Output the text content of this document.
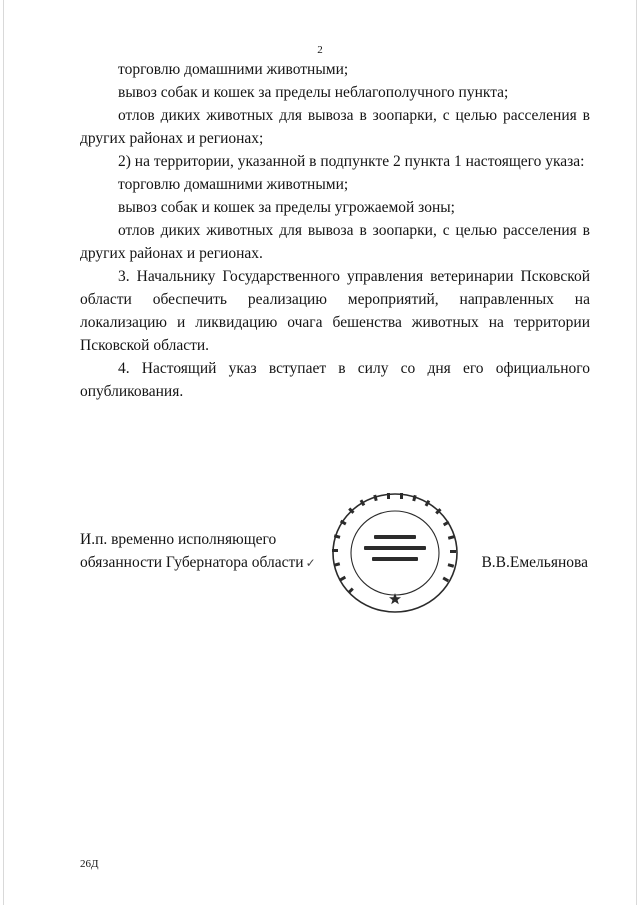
2

торговлю домашними животными;

вывоз собак и кошек за пределы неблагополучного пункта;

отлов диких животных для вывоза в зоопарки, с целью расселения в других районах и регионах;

2) на территории, указанной в подпункте 2 пункта 1 настоящего указа:

торговлю домашними животными;

вывоз собак и кошек за пределы угрожаемой зоны;

отлов диких животных для вывоза в зоопарки, с целью расселения в других районах и регионах.

3. Начальнику Государственного управления ветеринарии Псковской области обеспечить реализацию мероприятий, направленных на локализацию и ликвидацию очага бешенства животных на территории Псковской области.

4. Настоящий указ вступает в силу со дня его официального опубликования.

И.п. временно исполняющего
обязанности Губернатора области ✓	В.В.Емельянова
26Д
